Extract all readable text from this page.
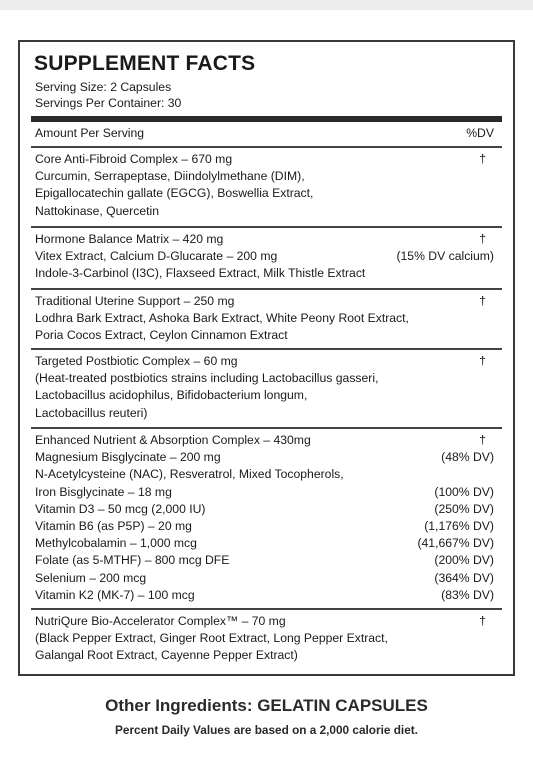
SUPPLEMENT FACTS
Serving Size: 2 Capsules
Servings Per Container: 30
Amount Per Serving	%DV
Core Anti-Fibroid Complex – 670 mg	†
Curcumin, Serrapeptase, Diindolylmethane (DIM),
Epigallocatechin gallate (EGCG), Boswellia Extract,
Nattokinase, Quercetin
Hormone Balance Matrix – 420 mg	†
Vitex Extract, Calcium D-Glucarate – 200 mg	(15% DV calcium)
Indole-3-Carbinol (I3C), Flaxseed Extract, Milk Thistle Extract
Traditional Uterine Support – 250 mg	†
Lodhra Bark Extract, Ashoka Bark Extract, White Peony Root Extract,
Poria Cocos Extract, Ceylon Cinnamon Extract
Targeted Postbiotic Complex – 60 mg	†
(Heat-treated postbiotics strains including Lactobacillus gasseri,
Lactobacillus acidophilus, Bifidobacterium longum,
Lactobacillus reuteri)
Enhanced Nutrient & Absorption Complex – 430mg	†
Magnesium Bisglycinate – 200 mg	(48% DV)
N-Acetylcysteine (NAC), Resveratrol, Mixed Tocopherols,
Iron Bisglycinate – 18 mg	(100% DV)
Vitamin D3 – 50 mcg (2,000 IU)	(250% DV)
Vitamin B6 (as P5P) – 20 mg	(1,176% DV)
Methylcobalamin – 1,000 mcg	(41,667% DV)
Folate (as 5-MTHF) – 800 mcg DFE	(200% DV)
Selenium – 200 mcg	(364% DV)
Vitamin K2 (MK-7) – 100 mcg	(83% DV)
NutriQure Bio-Accelerator Complex™ – 70 mg	†
(Black Pepper Extract, Ginger Root Extract, Long Pepper Extract,
Galangal Root Extract, Cayenne Pepper Extract)
Other Ingredients: GELATIN CAPSULES
Percent Daily Values are based on a 2,000 calorie diet.
